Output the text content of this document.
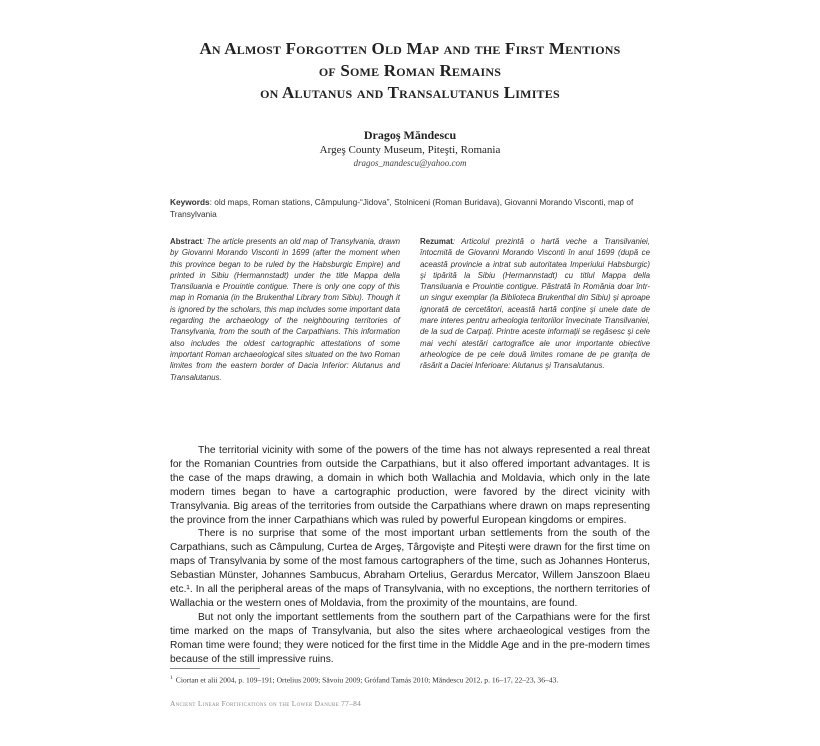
An Almost Forgotten Old Map and the First Mentions
of Some Roman Remains
on Alutanus and Transalutanus Limites
Dragoş Măndescu
Argeş County Museum, Piteşti, Romania
dragos_mandescu@yahoo.com
Keywords: old maps, Roman stations, Câmpulung-“Jidova”, Stolniceni (Roman Buridava), Giovanni Morando Visconti, map of Transylvania
Abstract: The article presents an old map of Transylvania, drawn by Giovanni Morando Visconti in 1699 (after the moment when this province began to be ruled by the Habsburgic Empire) and printed in Sibiu (Hermannstadt) under the title Mappa della Transiluania e Prouintie contigue. There is only one copy of this map in Romania (in the Brukenthal Library from Sibiu). Though it is ignored by the scholars, this map includes some important data regarding the archaeology of the neighbouring territories of Transylvania, from the south of the Carpathians. This information also includes the oldest cartographic attestations of some important Roman archaeological sites situated on the two Roman limites from the eastern border of Dacia Inferior: Alutanus and Transalutanus.
Rezumat: Articolul prezintă o hartă veche a Transilvaniei, întocmită de Giovanni Morando Visconti în anul 1699 (după ce această provincie a intrat sub autoritatea Imperiului Habsburgic) şi tipărită la Sibiu (Hermannstadt) cu titlul Mappa della Transiluania e Prouintie contigue. Păstrată în România doar într-un singur exemplar (la Biblioteca Brukenthal din Sibiu) şi aproape ignorată de cercetători, această hartă conţine şi unele date de mare interes pentru arheologia teritoriilor învecinate Transilvaniei, de la sud de Carpaţi. Printre aceste informaţii se regăsesc şi cele mai vechi atestări cartografice ale unor importante obiective arheologice de pe cele două limites romane de pe graniţa de răsărit a Daciei Inferioare: Alutanus şi Transalutanus.

The territorial vicinity with some of the powers of the time has not always represented a real threat for the Romanian Countries from outside the Carpathians, but it also offered important advantages. It is the case of the maps drawing, a domain in which both Wallachia and Moldavia, which only in the late modern times began to have a cartographic production, were favored by the direct vicinity with Transylvania. Big areas of the territories from outside the Carpathians where drawn on maps representing the province from the inner Carpathians which was ruled by powerful European kingdoms or empires.

There is no surprise that some of the most important urban settlements from the south of the Carpathians, such as Câmpulung, Curtea de Argeş, Târgovişte and Piteşti were drawn for the first time on maps of Transylvania by some of the most famous cartographers of the time, such as Johannes Honterus, Sebastian Münster, Johannes Sambucus, Abraham Ortelius, Gerardus Mercator, Willem Janszoon Blaeu etc.¹. In all the peripheral areas of the maps of Transylvania, with no exceptions, the northern territories of Wallachia or the western ones of Moldavia, from the proximity of the mountains, are found.

But not only the important settlements from the southern part of the Carpathians were for the first time marked on the maps of Transylvania, but also the sites where archaeological vestiges from the Roman time were found; they were noticed for the first time in the Middle Age and in the pre-modern times because of the still impressive ruins.

$^1$ Ciortan et alii 2004, p. 109–191; Ortelius 2009; Săvoiu 2009; Grófand Tamás 2010; Măndescu 2012, p. 16–17, 22–23, 36–43.
Ancient Linear Fortifications on the Lower Danube 77–84
